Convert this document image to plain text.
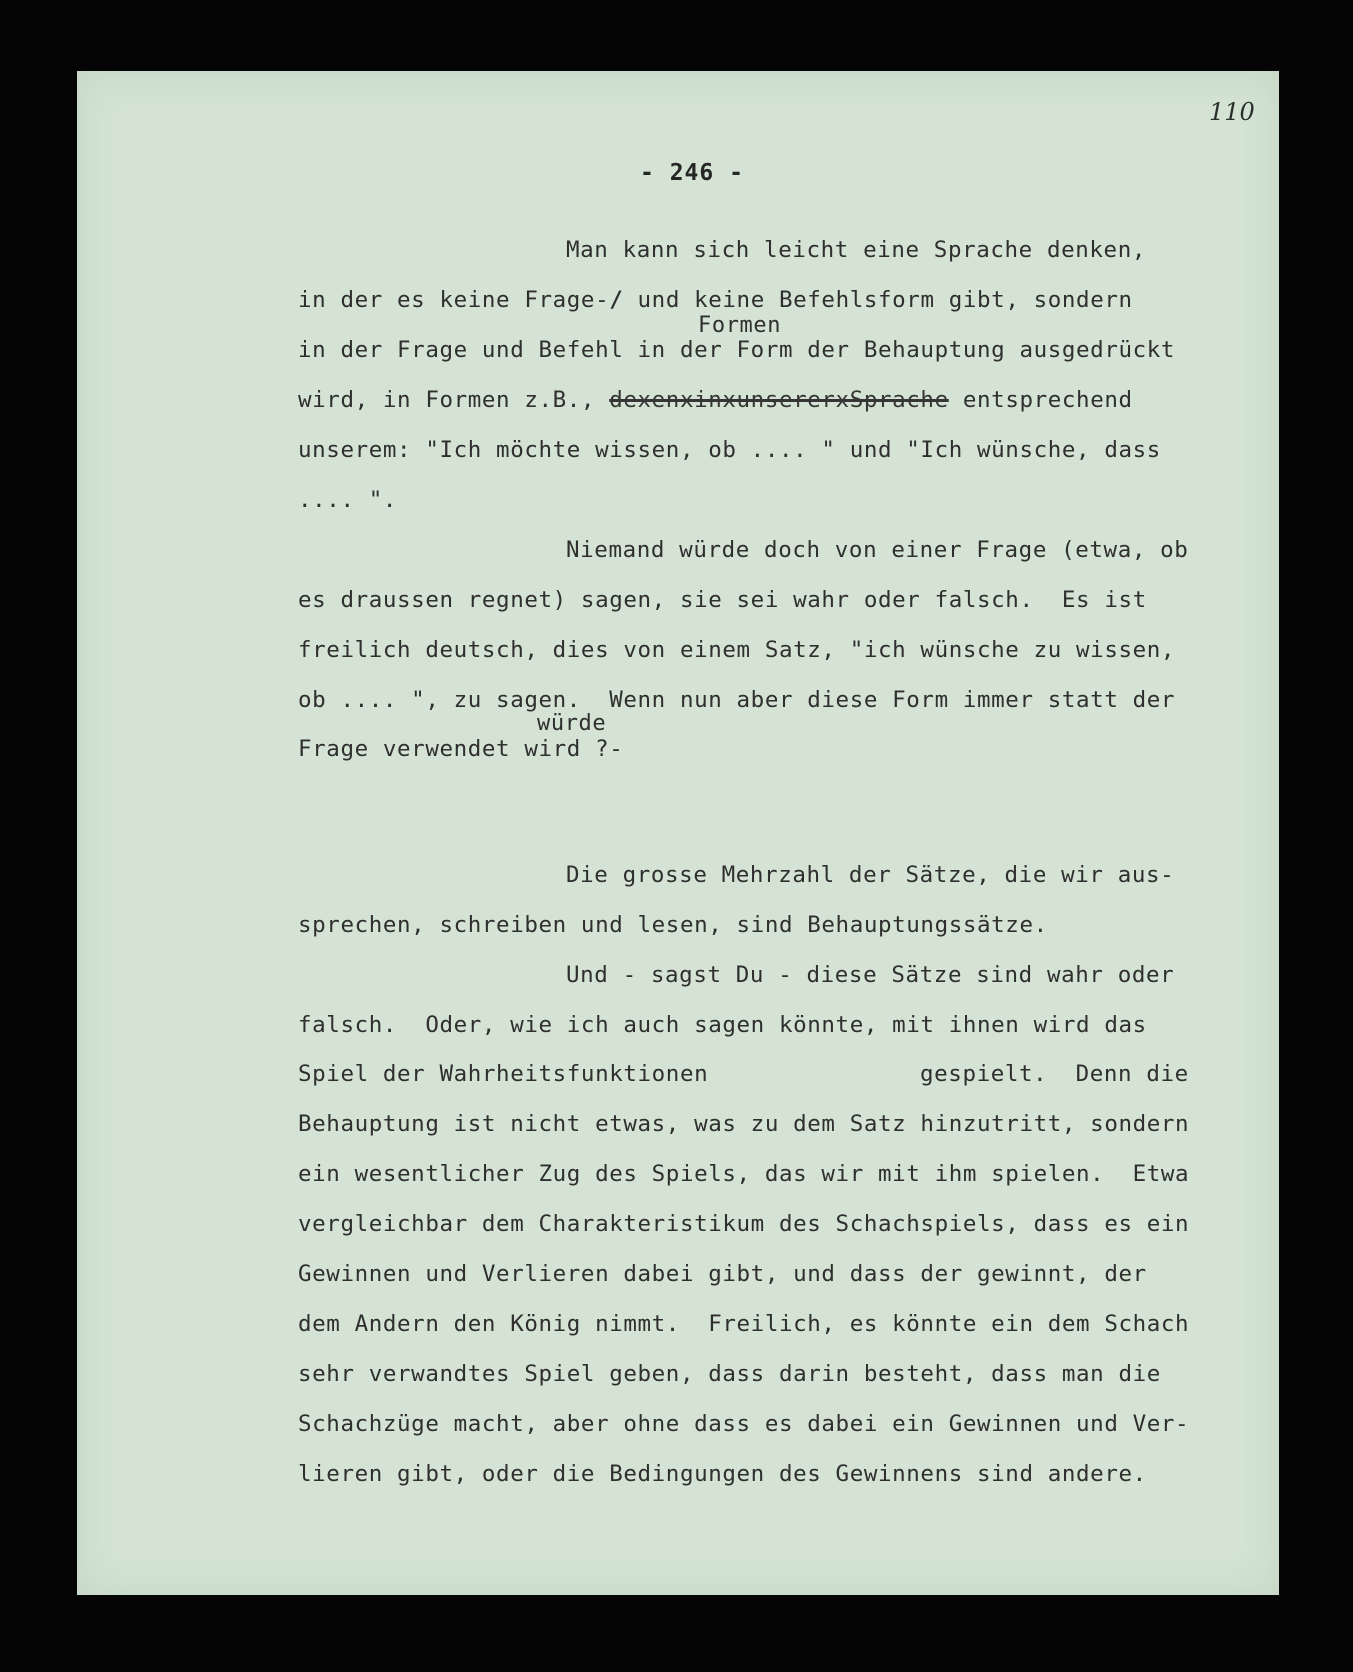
110
- 246 -
Man kann sich leicht eine Sprache denken,
in der es keine Frage-/ und keine Befehlsform gibt, sondern
Formen
in der Frage und Befehl in der Form der Behauptung ausgedrückt
wird, in Formen z.B., dexenxinxunsererxSprache entsprechend
unserem: "Ich möchte wissen, ob .... " und "Ich wünsche, dass
.... ".
Niemand würde doch von einer Frage (etwa, ob
es draussen regnet) sagen, sie sei wahr oder falsch.  Es ist
freilich deutsch, dies von einem Satz, "ich wünsche zu wissen,
ob .... ", zu sagen.  Wenn nun aber diese Form immer statt der
würde
Frage verwendet wird ?-
Die grosse Mehrzahl der Sätze, die wir aus-
sprechen, schreiben und lesen, sind Behauptungssätze.
Und - sagst Du - diese Sätze sind wahr oder
falsch.  Oder, wie ich auch sagen könnte, mit ihnen wird das
Spiel der Wahrheitsfunktionen	gespielt.  Denn die
Behauptung ist nicht etwas, was zu dem Satz hinzutritt, sondern
ein wesentlicher Zug des Spiels, das wir mit ihm spielen.  Etwa
vergleichbar dem Charakteristikum des Schachspiels, dass es ein
Gewinnen und Verlieren dabei gibt, und dass der gewinnt, der
dem Andern den König nimmt.  Freilich, es könnte ein dem Schach
sehr verwandtes Spiel geben, dass darin besteht, dass man die
Schachzüge macht, aber ohne dass es dabei ein Gewinnen und Ver-
lieren gibt, oder die Bedingungen des Gewinnens sind andere.
